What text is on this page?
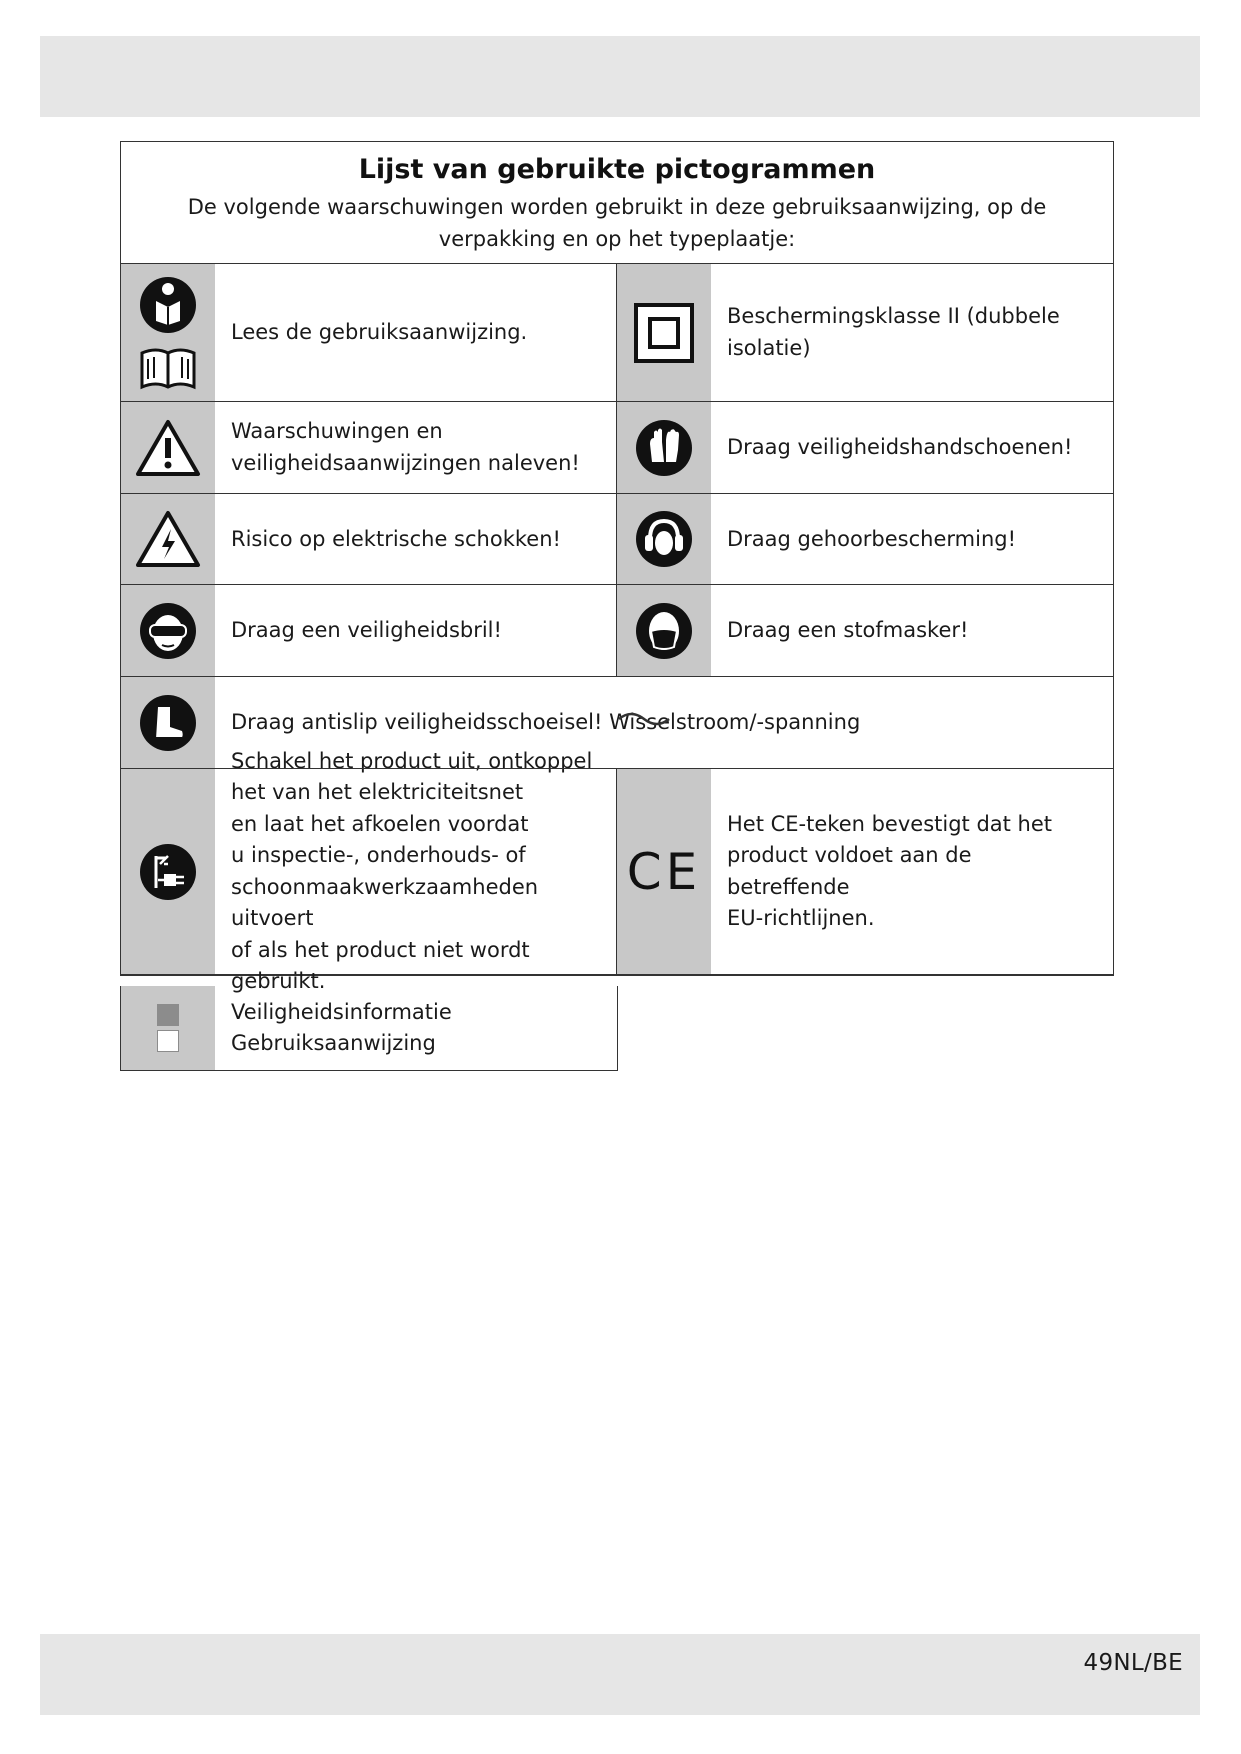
Lijst van gebruikte pictogrammen

De volgende waarschuwingen worden gebruikt in deze gebruiksaanwijzing, op de verpakking en op het typeplaatje:

Lees de gebruiksaanwijzing.
Beschermingsklasse II (dubbele
isolatie)
Waarschuwingen en
veiligheidsaanwijzingen naleven!
Draag veiligheidshandschoenen!
Risico op elektrische schokken!	Draag gehoorbescherming!
Draag een veiligheidsbril!	Draag een stofmasker!
Draag antislip veiligheidsschoeisel! Wisselstroom/-spanning
Schakel het product uit, ontkoppel
het van het elektriciteitsnet
en laat het afkoelen voordat
u inspectie-, onderhouds- of
schoonmaakwerkzaamheden uitvoert
of als het product niet wordt gebruikt.
CE
Het CE-teken bevestigt dat het
product voldoet aan de betreffende
EU-richtlijnen.
Veiligheidsinformatie
Gebruiksaanwijzing
49NL/BE
